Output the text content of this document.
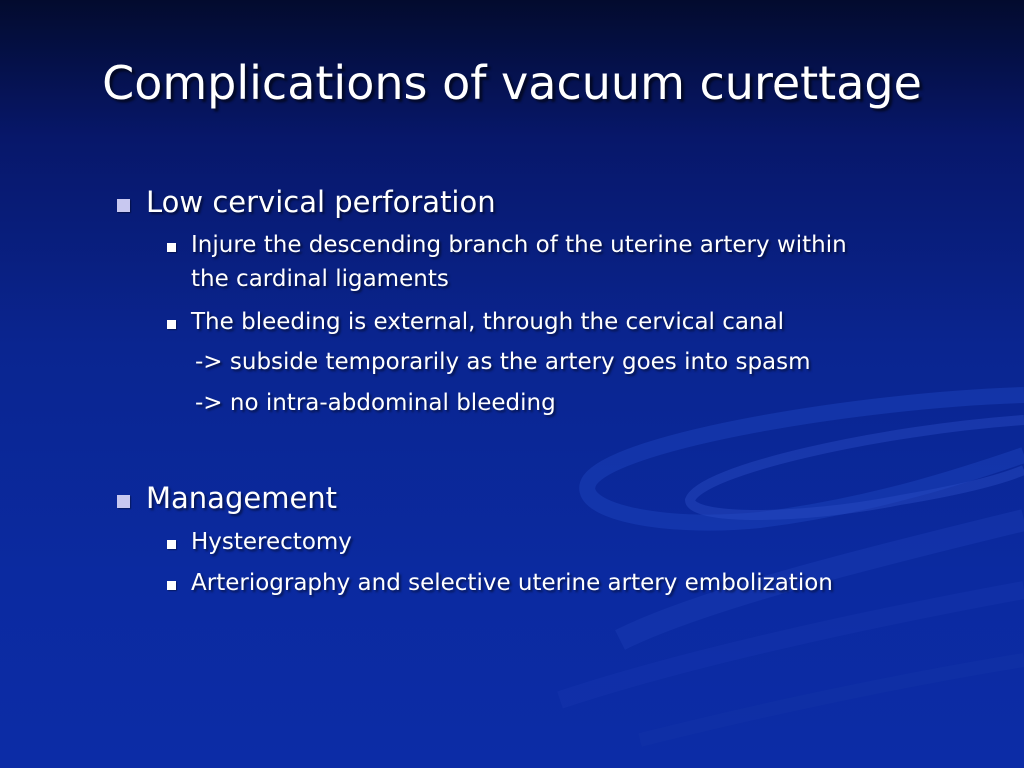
Complications of vacuum curettage
Low cervical perforation
Injure the descending branch of the uterine artery within
the cardinal ligaments
The bleeding is external, through the cervical canal
-> subside temporarily as the artery goes into spasm
-> no intra-abdominal bleeding
Management
Hysterectomy
Arteriography and selective uterine artery embolization
